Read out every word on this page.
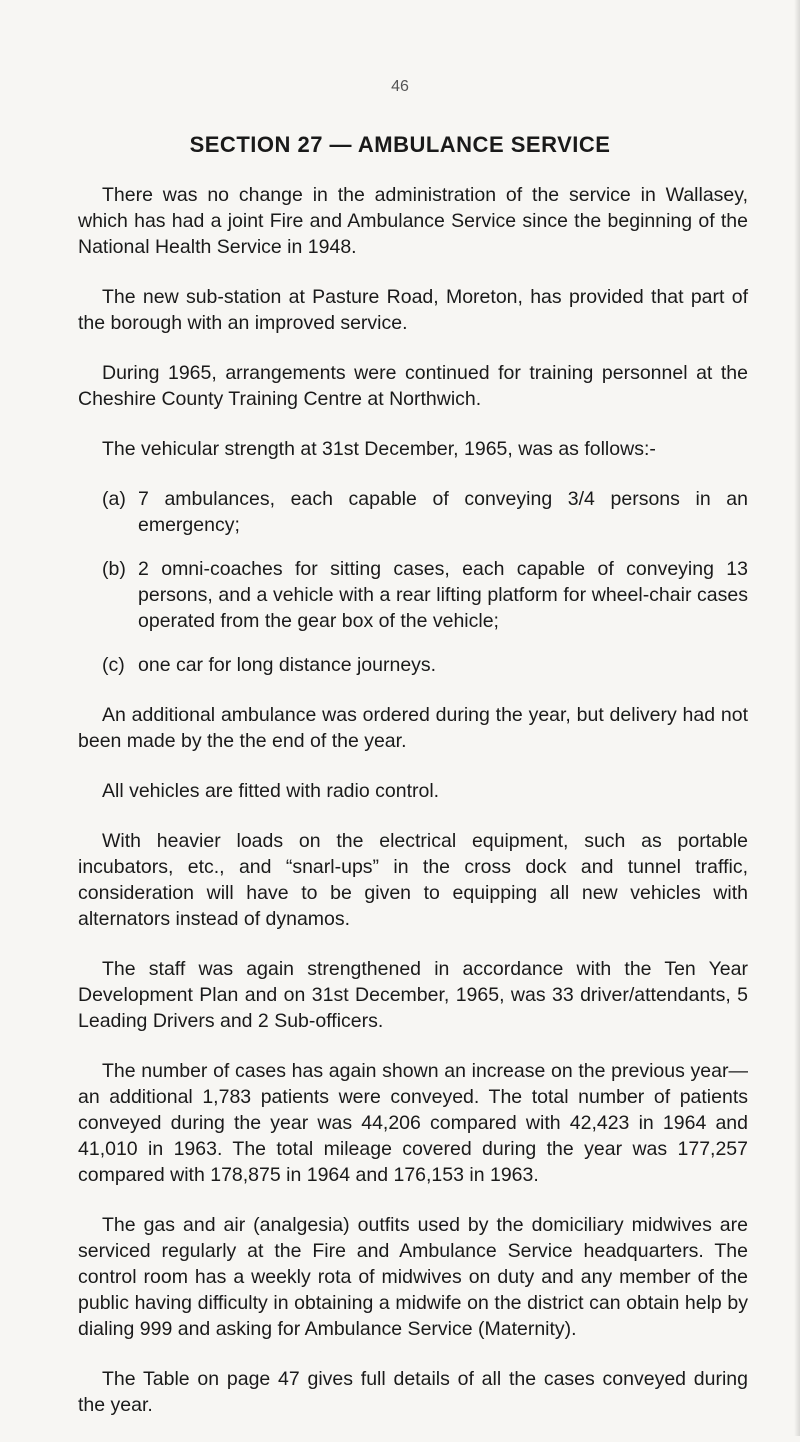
46
SECTION 27 — AMBULANCE SERVICE

There was no change in the administration of the service in Wallasey, which has had a joint Fire and Ambulance Service since the beginning of the National Health Service in 1948.

The new sub-station at Pasture Road, Moreton, has provided that part of the borough with an improved service.

During 1965, arrangements were continued for training personnel at the Cheshire County Training Centre at Northwich.

The vehicular strength at 31st December, 1965, was as follows:-

(a) 7 ambulances, each capable of conveying 3/4 persons in an emergency;
(b) 2 omni-coaches for sitting cases, each capable of conveying 13 persons, and a vehicle with a rear lifting platform for wheel-chair cases operated from the gear box of the vehicle;
(c) one car for long distance journeys.

An additional ambulance was ordered during the year, but delivery had not been made by the the end of the year.

All vehicles are fitted with radio control.

With heavier loads on the electrical equipment, such as portable incubators, etc., and “snarl-ups” in the cross dock and tunnel traffic, consideration will have to be given to equipping all new vehicles with alternators instead of dynamos.

The staff was again strengthened in accordance with the Ten Year Development Plan and on 31st December, 1965, was 33 driver/attendants, 5 Leading Drivers and 2 Sub-officers.

The number of cases has again shown an increase on the previous year—an additional 1,783 patients were conveyed. The total number of patients conveyed during the year was 44,206 compared with 42,423 in 1964 and 41,010 in 1963. The total mileage covered during the year was 177,257 compared with 178,875 in 1964 and 176,153 in 1963.

The gas and air (analgesia) outfits used by the domiciliary midwives are serviced regularly at the Fire and Ambulance Service headquarters. The control room has a weekly rota of midwives on duty and any member of the public having difficulty in obtaining a midwife on the district can obtain help by dialing 999 and asking for Ambulance Service (Maternity).

The Table on page 47 gives full details of all the cases conveyed during the year.
